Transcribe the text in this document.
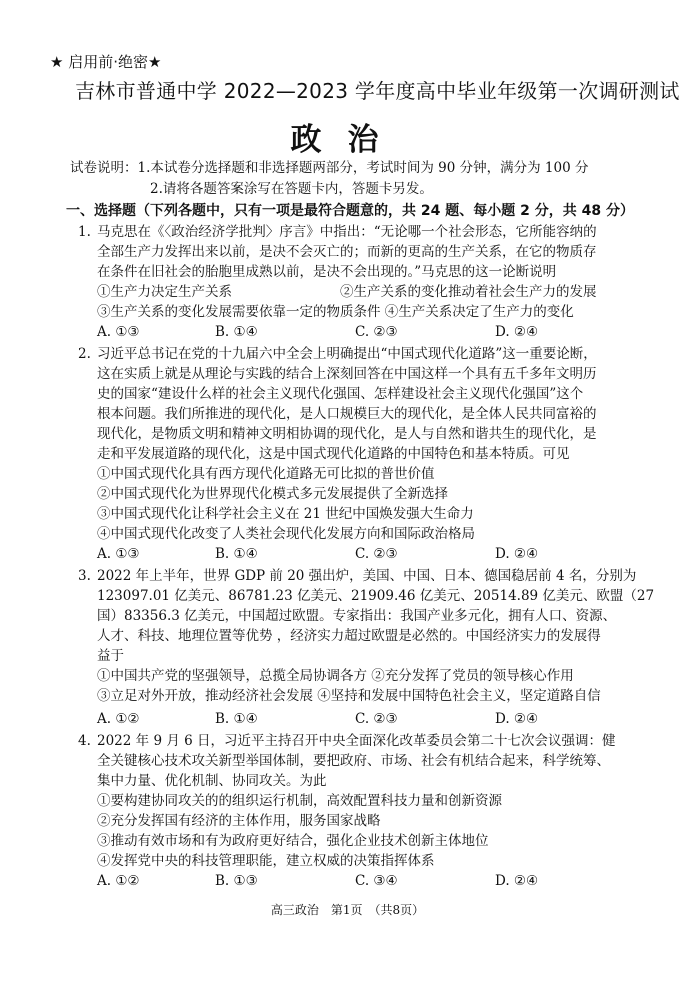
★ 启用前·绝密★
吉林市普通中学 2022—2023 学年度高中毕业年级第一次调研测试
政治
试卷说明：1.本试卷分选择题和非选择题两部分，考试时间为 90 分钟，满分为 100 分
2.请将各题答案涂写在答题卡内，答题卡另发。
一、选择题（下列各题中，只有一项是最符合题意的，共 24 题、每小题 2 分，共 48 分）
1. 马克思在《〈政治经济学批判〉序言》中指出：“无论哪一个社会形态，它所能容纳的
全部生产力发挥出来以前，是决不会灭亡的；而新的更高的生产关系，在它的物质存
在条件在旧社会的胎胞里成熟以前，是决不会出现的。”马克思的这一论断说明
①生产力决定生产关系　　　　　　　　②生产关系的变化推动着社会生产力的发展
③生产关系的变化发展需要依靠一定的物质条件 ④生产关系决定了生产力的变化
A. ①③	B. ①④	C. ②③	D. ②④
2. 习近平总书记在党的十九届六中全会上明确提出“中国式现代化道路”这一重要论断，
这在实质上就是从理论与实践的结合上深刻回答在中国这样一个具有五千多年文明历
史的国家“建设什么样的社会主义现代化强国、怎样建设社会主义现代化强国”这个
根本问题。我们所推进的现代化，是人口规模巨大的现代化，是全体人民共同富裕的
现代化，是物质文明和精神文明相协调的现代化，是人与自然和谐共生的现代化，是
走和平发展道路的现代化，这是中国式现代化道路的中国特色和基本特质。可见
①中国式现代化具有西方现代化道路无可比拟的普世价值
②中国式现代化为世界现代化模式多元发展提供了全新选择
③中国式现代化让科学社会主义在 21 世纪中国焕发强大生命力
④中国式现代化改变了人类社会现代化发展方向和国际政治格局
A. ①③	B. ①④	C. ②③	D. ②④
3. 2022 年上半年，世界 GDP 前 20 强出炉，美国、中国、日本、德国稳居前 4 名，分别为
123097.01 亿美元、86781.23 亿美元、21909.46 亿美元、20514.89 亿美元、欧盟（27
国）83356.3 亿美元，中国超过欧盟。专家指出：我国产业多元化，拥有人口、资源、
人才、科技、地理位置等优势 ，经济实力超过欧盟是必然的。中国经济实力的发展得
益于
①中国共产党的坚强领导，总揽全局协调各方 ②充分发挥了党员的领导核心作用
③立足对外开放，推动经济社会发展 ④坚持和发展中国特色社会主义，坚定道路自信
A. ①②	B. ①④	C. ②③	D. ②④
4. 2022 年 9 月 6 日，习近平主持召开中央全面深化改革委员会第二十七次会议强调：健
全关键核心技术攻关新型举国体制，要把政府、市场、社会有机结合起来，科学统筹、
集中力量、优化机制、协同攻关。为此
①要构建协同攻关的的组织运行机制，高效配置科技力量和创新资源
②充分发挥国有经济的主体作用，服务国家战略
③推动有效市场和有为政府更好结合，强化企业技术创新主体地位
④发挥党中央的科技管理职能，建立权威的决策指挥体系
A. ①②	B. ①③	C. ③④	D. ②④
高三政治　第1页　（共8页）
